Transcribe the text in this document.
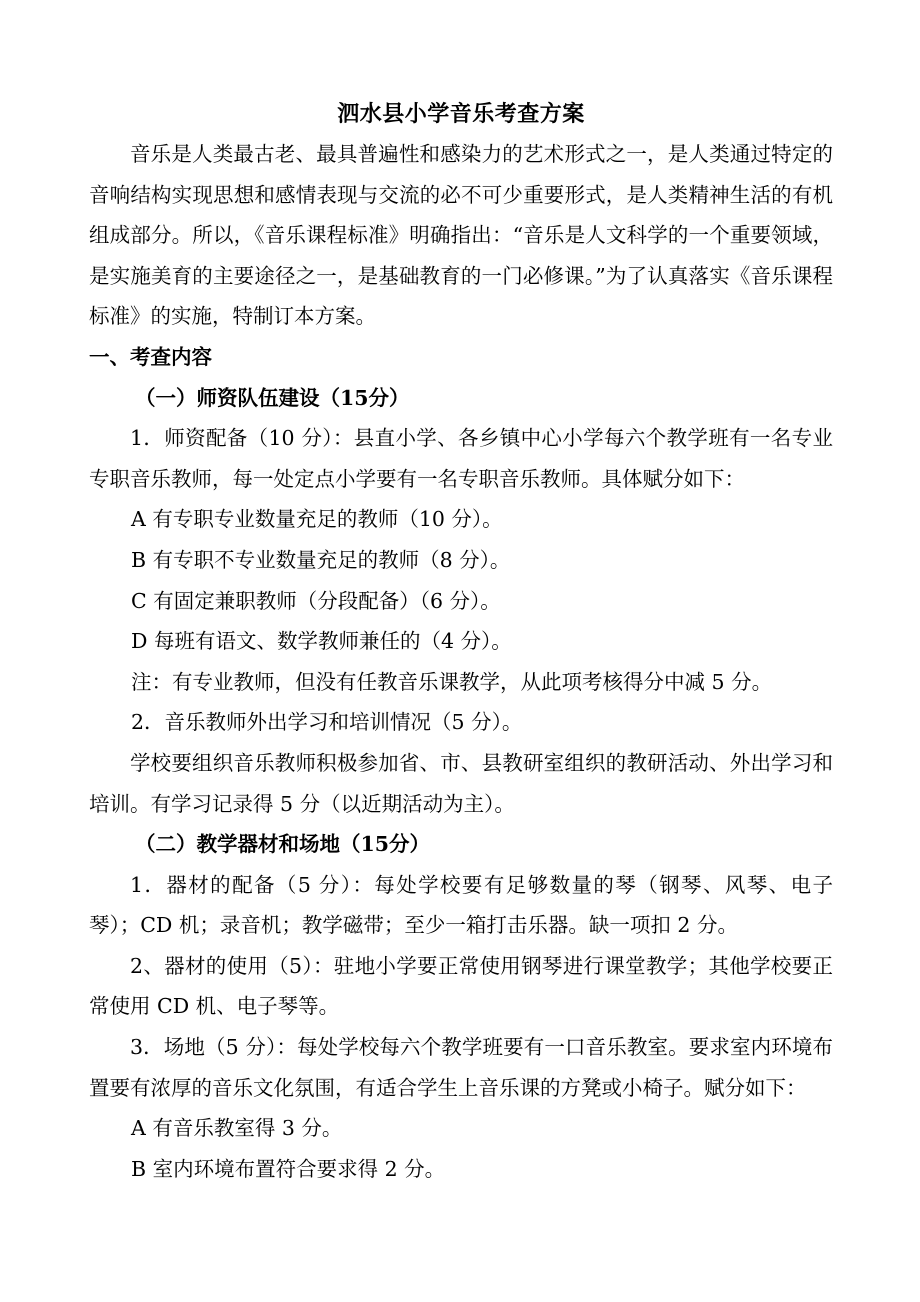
泗水县小学音乐考查方案

音乐是人类最古老、最具普遍性和感染力的艺术形式之一，是人类通过特定的音响结构实现思想和感情表现与交流的必不可少重要形式，是人类精神生活的有机组成部分。所以，《音乐课程标准》明确指出：“音乐是人文科学的一个重要领域，是实施美育的主要途径之一，是基础教育的一门必修课。”为了认真落实《音乐课程标准》的实施，特制订本方案。

一、考查内容

（一）师资队伍建设（15分）

1．师资配备（10 分）：县直小学、各乡镇中心小学每六个教学班有一名专业专职音乐教师，每一处定点小学要有一名专职音乐教师。具体赋分如下：

A 有专职专业数量充足的教师（10 分）。

B 有专职不专业数量充足的教师（8 分）。

C 有固定兼职教师（分段配备）（6 分）。

D 每班有语文、数学教师兼任的（4 分）。

注：有专业教师，但没有任教音乐课教学，从此项考核得分中减 5 分。

2．音乐教师外出学习和培训情况（5 分）。

学校要组织音乐教师积极参加省、市、县教研室组织的教研活动、外出学习和培训。有学习记录得 5 分（以近期活动为主）。

（二）教学器材和场地（15分）

1．器材的配备（5 分）：每处学校要有足够数量的琴（钢琴、风琴、电子琴）；CD 机；录音机；教学磁带；至少一箱打击乐器。缺一项扣 2 分。

2、器材的使用（5）：驻地小学要正常使用钢琴进行课堂教学；其他学校要正常使用 CD 机、电子琴等。

3．场地（5 分）：每处学校每六个教学班要有一口音乐教室。要求室内环境布置要有浓厚的音乐文化氛围，有适合学生上音乐课的方凳或小椅子。赋分如下：

A 有音乐教室得 3 分。

B 室内环境布置符合要求得 2 分。
